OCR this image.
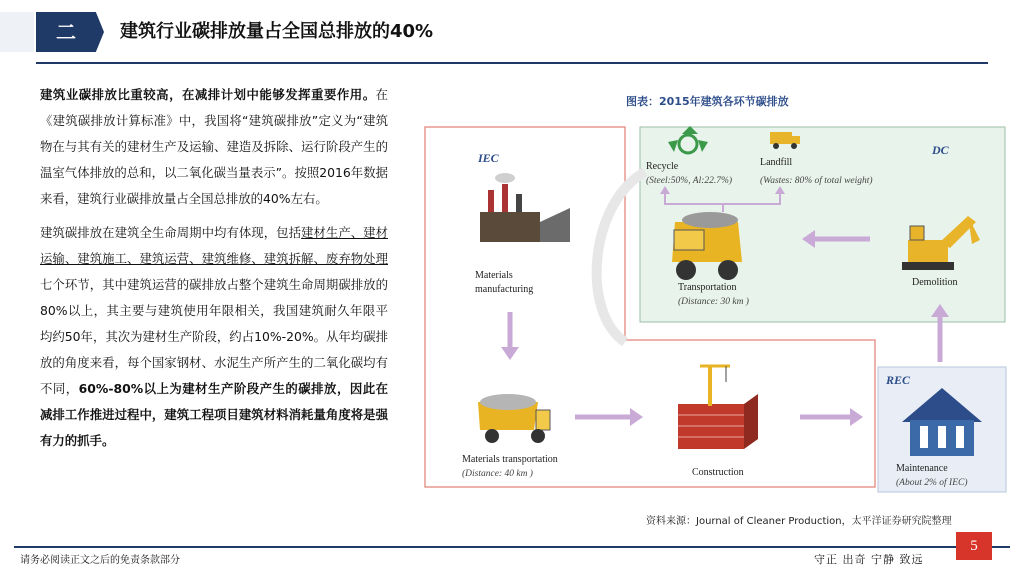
二	建筑行业碳排放量占全国总排放的40%

建筑业碳排放比重较高，在减排计划中能够发挥重要作用。在《建筑碳排放计算标准》中，我国将“建筑碳排放”定义为“建筑物在与其有关的建材生产及运输、建造及拆除、运行阶段产生的温室气体排放的总和，以二氧化碳当量表示”。按照2016年数据来看，建筑行业碳排放量占全国总排放的40%左右。

建筑碳排放在建筑全生命周期中均有体现，包括建材生产、建材运输、建筑施工、建筑运营、建筑维修、建筑拆解、废弃物处理七个环节，其中建筑运营的碳排放占整个建筑生命周期碳排放的80%以上，其主要与建筑使用年限相关，我国建筑耐久年限平均约50年，其次为建材生产阶段，约占10%-20%。从年均碳排放的角度来看，每个国家钢材、水泥生产所产生的二氧化碳均有不同，60%-80%以上为建材生产阶段产生的碳排放，因此在减排工作推进过程中，建筑工程项目建筑材料消耗量角度将是强有力的抓手。

图表：2015年建筑各环节碳排放
IEC
DC
REC
Recycle
(Steel:50%, Al:22.7%)
Landfill
(Wastes: 80% of total weight)
Transportation
(Distance: 30 km )
Demolition
Materials
manufacturing
Materials transportation
(Distance: 40 km )	Construction	Maintenance
(About 2% of IEC)
资料来源：Journal of Cleaner Production，太平洋证券研究院整理
请务必阅读正文之后的免责条款部分	守正 出奇 宁静 致远
5
